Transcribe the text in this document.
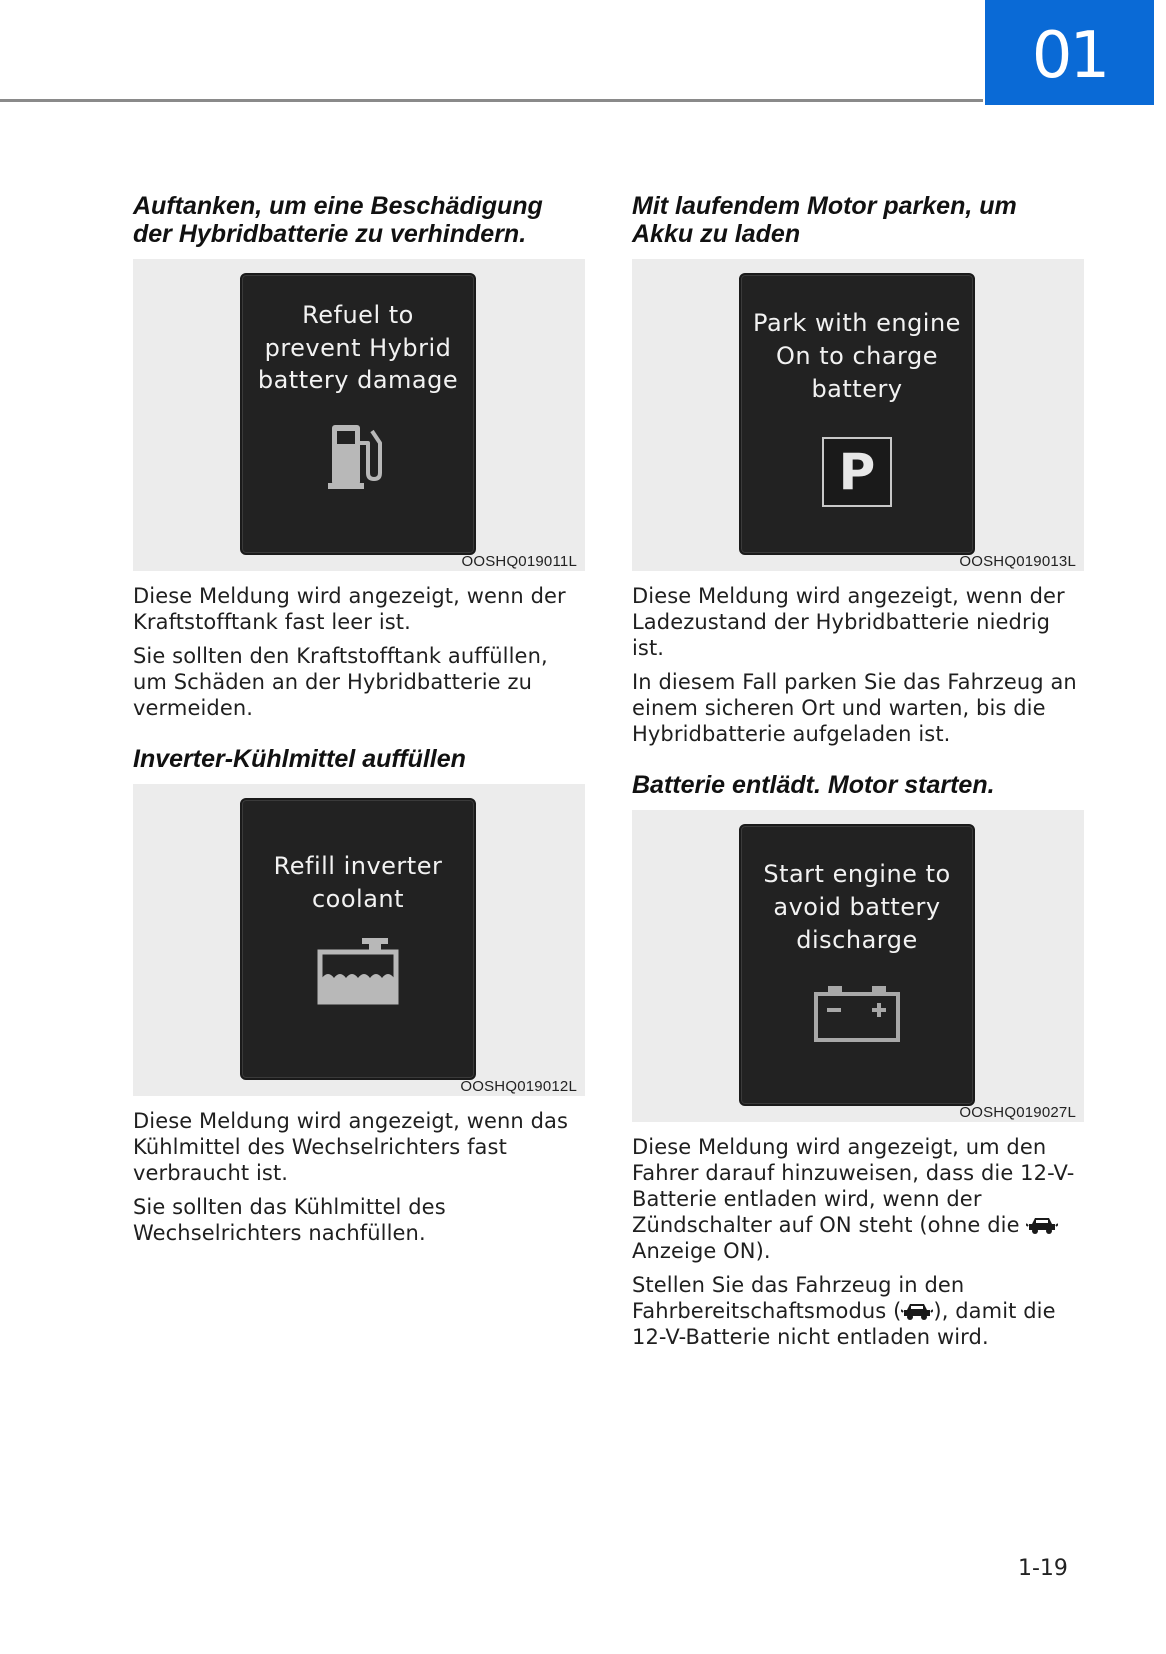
01
Auftanken, um eine Beschädigung der Hybridbatterie zu verhindern.
Refuel to
prevent Hybrid
battery damage
OOSHQ019011L

Diese Meldung wird angezeigt, wenn der Kraftstofftank fast leer ist.

Sie sollten den Kraftstofftank auffüllen, um Schäden an der Hybridbatterie zu vermeiden.

Inverter-Kühlmittel auffüllen
Refill inverter
coolant
OOSHQ019012L

Diese Meldung wird angezeigt, wenn das Kühlmittel des Wechselrichters fast verbraucht ist.

Sie sollten das Kühlmittel des Wechselrichters nachfüllen.

Mit laufendem Motor parken, um Akku zu laden
Park with engine
On to charge
battery
P
OOSHQ019013L

Diese Meldung wird angezeigt, wenn der Ladezustand der Hybridbatterie niedrig ist.

In diesem Fall parken Sie das Fahrzeug an einem sicheren Ort und warten, bis die Hybridbatterie aufgeladen ist.

Batterie entlädt. Motor starten.
Start engine to
avoid battery
discharge
OOSHQ019027L

Diese Meldung wird angezeigt, um den Fahrer darauf hinzuweisen, dass die 12-V-Batterie entladen wird, wenn der Zündschalter auf ON steht (ohne die  Anzeige ON).

Stellen Sie das Fahrzeug in den Fahrbereitschaftsmodus ( ), damit die 12-V-Batterie nicht entladen wird.

1-19
